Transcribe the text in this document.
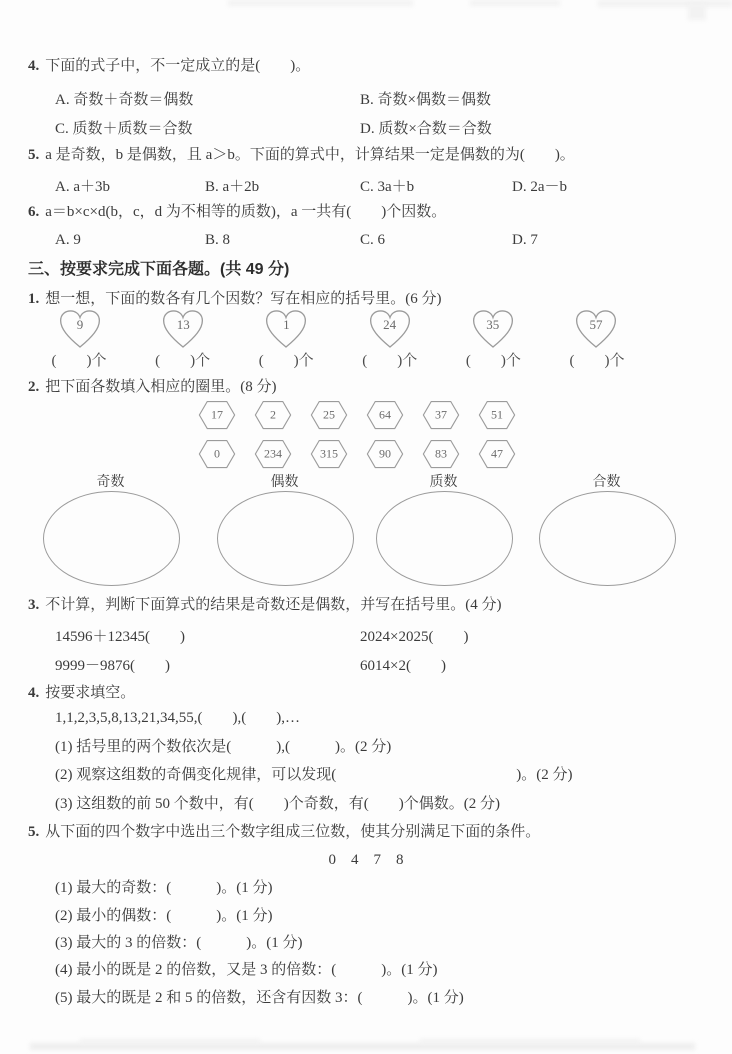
4. 下面的式子中，不一定成立的是(　　)。
A. 奇数＋奇数＝偶数	B. 奇数×偶数＝偶数
C. 质数＋质数＝合数	D. 质数×合数＝合数
5. a 是奇数，b 是偶数，且 a＞b。下面的算式中，计算结果一定是偶数的为(　　)。
A. a＋3b	B. a＋2b	C. 3a＋b	D. 2a－b
6. a＝b×c×d(b，c，d 为不相等的质数)，a 一共有(　　)个因数。
A. 9	B. 8	C. 6	D. 7
三、按要求完成下面各题。(共 49 分)
1. 想一想，下面的数各有几个因数？写在相应的括号里。(6 分)
9	13	1	24	35	57
(　　)个	(　　)个	(　　)个	(　　)个	(　　)个	(　　)个
2. 把下面各数填入相应的圈里。(8 分)
17	2	25	64	37	51
0	234	315	90	83	47
奇数	偶数	质数	合数
3. 不计算，判断下面算式的结果是奇数还是偶数，并写在括号里。(4 分)
14596＋12345(　　)	2024×2025(　　)
9999－9876(　　)	6014×2(　　)
4. 按要求填空。
1,1,2,3,5,8,13,21,34,55,(　　),(　　),…
(1) 括号里的两个数依次是(　　　),(　　　)。(2 分)
(2) 观察这组数的奇偶变化规律，可以发现(　　　　　　　　　　　　)。(2 分)
(3) 这组数的前 50 个数中，有(　　)个奇数，有(　　)个偶数。(2 分)
5. 从下面的四个数字中选出三个数字组成三位数，使其分别满足下面的条件。
0　4　7　8
(1) 最大的奇数：(　　　)。(1 分)
(2) 最小的偶数：(　　　)。(1 分)
(3) 最大的 3 的倍数：(　　　)。(1 分)
(4) 最小的既是 2 的倍数，又是 3 的倍数：(　　　)。(1 分)
(5) 最大的既是 2 和 5 的倍数，还含有因数 3：(　　　)。(1 分)
